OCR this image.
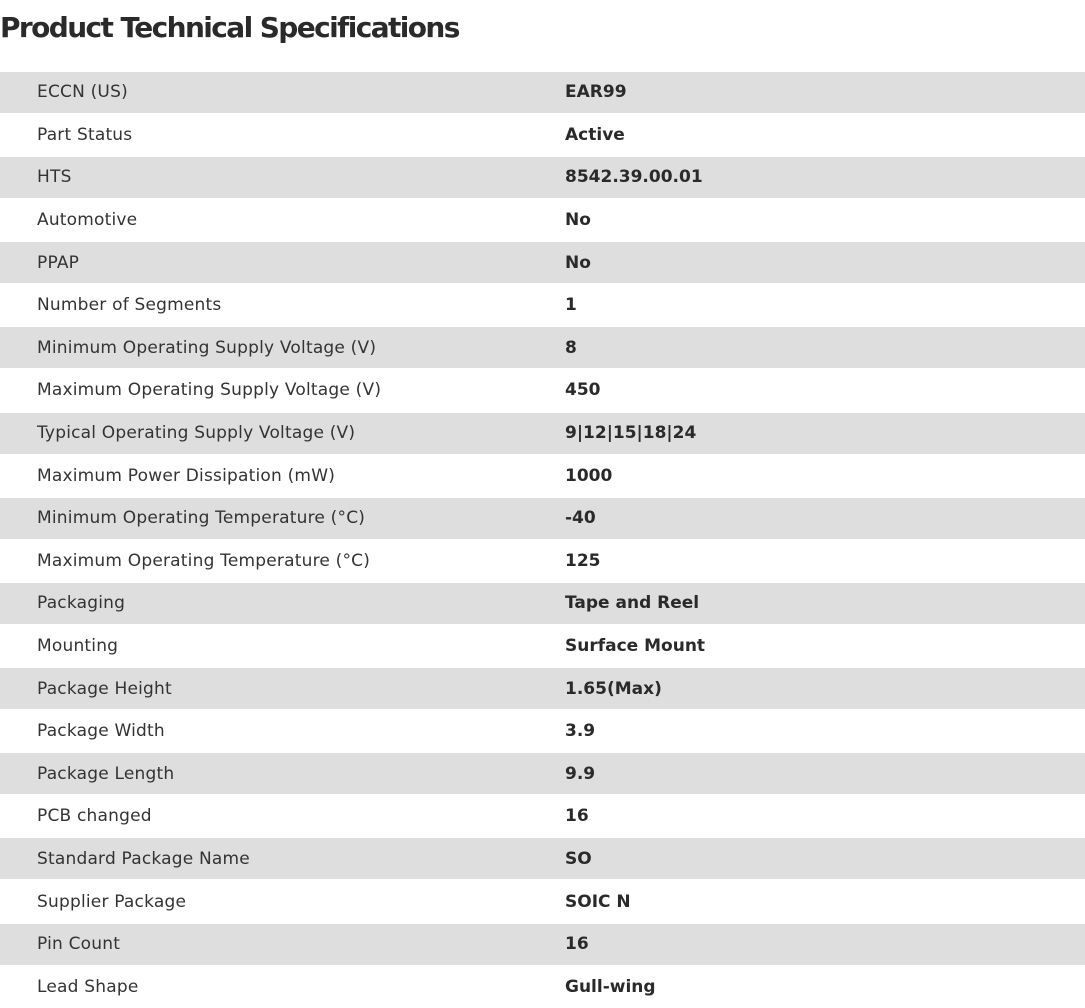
Product Technical Specifications
ECCN (US)	EAR99
Part Status	Active
HTS	8542.39.00.01
Automotive	No
PPAP	No
Number of Segments	1
Minimum Operating Supply Voltage (V)	8
Maximum Operating Supply Voltage (V)	450
Typical Operating Supply Voltage (V)	9|12|15|18|24
Maximum Power Dissipation (mW)	1000
Minimum Operating Temperature (°C)	-40
Maximum Operating Temperature (°C)	125
Packaging	Tape and Reel
Mounting	Surface Mount
Package Height	1.65(Max)
Package Width	3.9
Package Length	9.9
PCB changed	16
Standard Package Name	SO
Supplier Package	SOIC N
Pin Count	16
Lead Shape	Gull-wing
